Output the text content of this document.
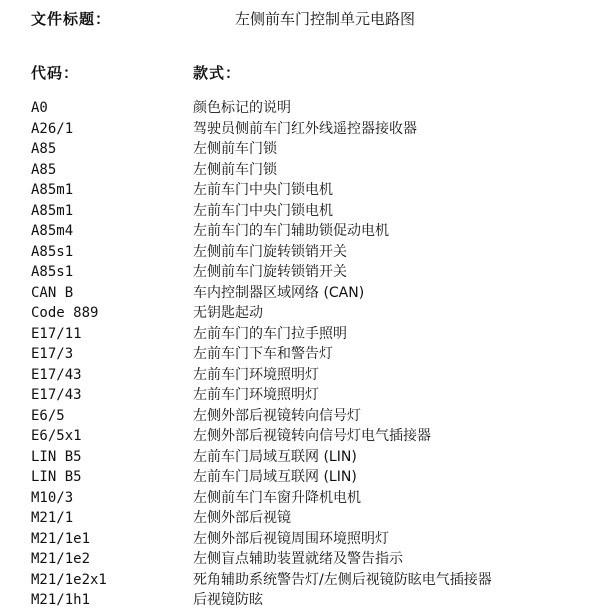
文件标题：	左侧前车门控制单元电路图
代码：	款式：
A0	颜色标记的说明
A26/1	驾驶员侧前车门红外线遥控器接收器
A85	左侧前车门锁
A85	左侧前车门锁
A85m1	左前车门中央门锁电机
A85m1	左前车门中央门锁电机
A85m4	左前车门的车门辅助锁促动电机
A85s1	左侧前车门旋转锁销开关
A85s1	左侧前车门旋转锁销开关
CAN B	车内控制器区域网络 (CAN)
Code 889	无钥匙起动
E17/11	左前车门的车门拉手照明
E17/3	左前车门下车和警告灯
E17/43	左前车门环境照明灯
E17/43	左前车门环境照明灯
E6/5	左侧外部后视镜转向信号灯
E6/5x1	左侧外部后视镜转向信号灯电气插接器
LIN B5	左前车门局域互联网 (LIN)
LIN B5	左前车门局域互联网 (LIN)
M10/3	左侧前车门车窗升降机电机
M21/1	左侧外部后视镜
M21/1e1	左侧外部后视镜周围环境照明灯
M21/1e2	左侧盲点辅助装置就绪及警告指示
M21/1e2x1	死角辅助系统警告灯/左侧后视镜防眩电气插接器
M21/1h1	后视镜防眩
